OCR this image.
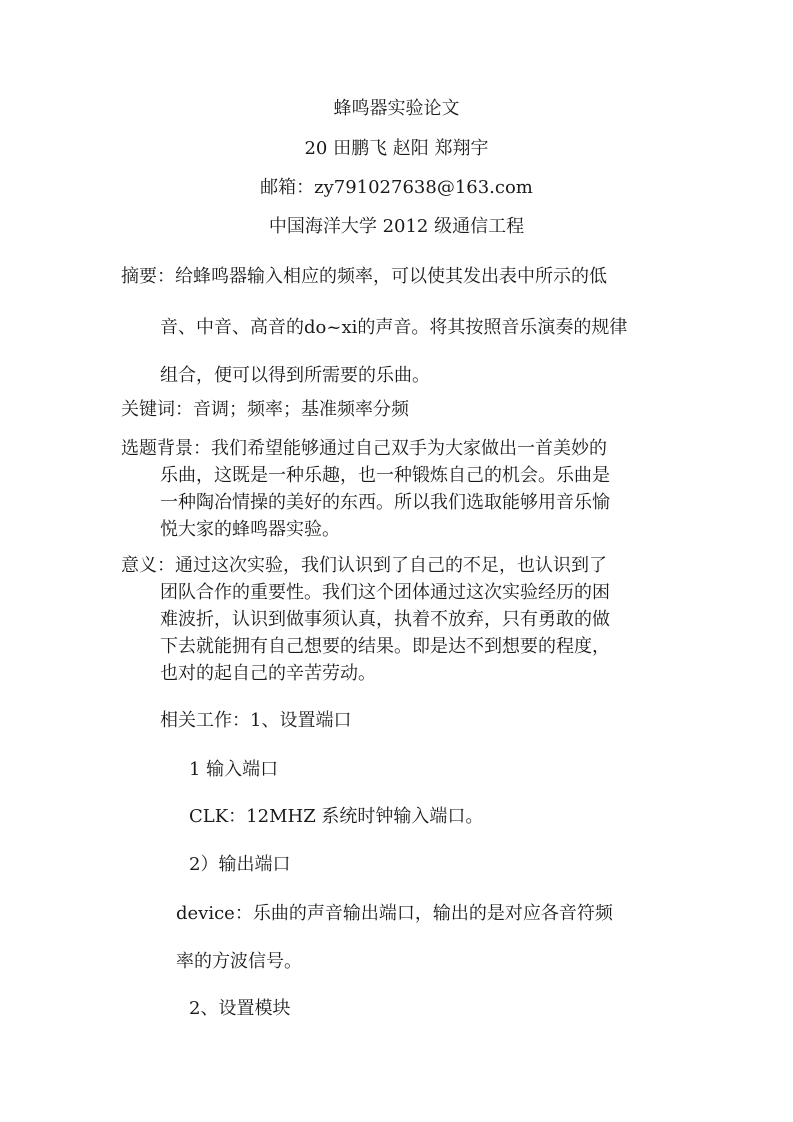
蜂鸣器实验论文
20 田鹏飞 赵阳 郑翔宇
邮箱：zy791027638@163.com
中国海洋大学 2012 级通信工程
摘要：给蜂鸣器输入相应的频率，可以使其发出表中所示的低
音、中音、高音的do~xi的声音。将其按照音乐演奏的规律
组合，便可以得到所需要的乐曲。
关键词：音调；频率；基准频率分频
选题背景：我们希望能够通过自己双手为大家做出一首美妙的
乐曲，这既是一种乐趣，也一种锻炼自己的机会。乐曲是
一种陶冶情操的美好的东西。所以我们选取能够用音乐愉
悦大家的蜂鸣器实验。
意义：通过这次实验，我们认识到了自己的不足，也认识到了
团队合作的重要性。我们这个团体通过这次实验经历的困
难波折，认识到做事须认真，执着不放弃，只有勇敢的做
下去就能拥有自己想要的结果。即是达不到想要的程度，
也对的起自己的辛苦劳动。
相关工作：1、设置端口
1 输入端口
CLK：12MHZ 系统时钟输入端口。
2）输出端口
device：乐曲的声音输出端口，输出的是对应各音符频
率的方波信号。
2、设置模块
